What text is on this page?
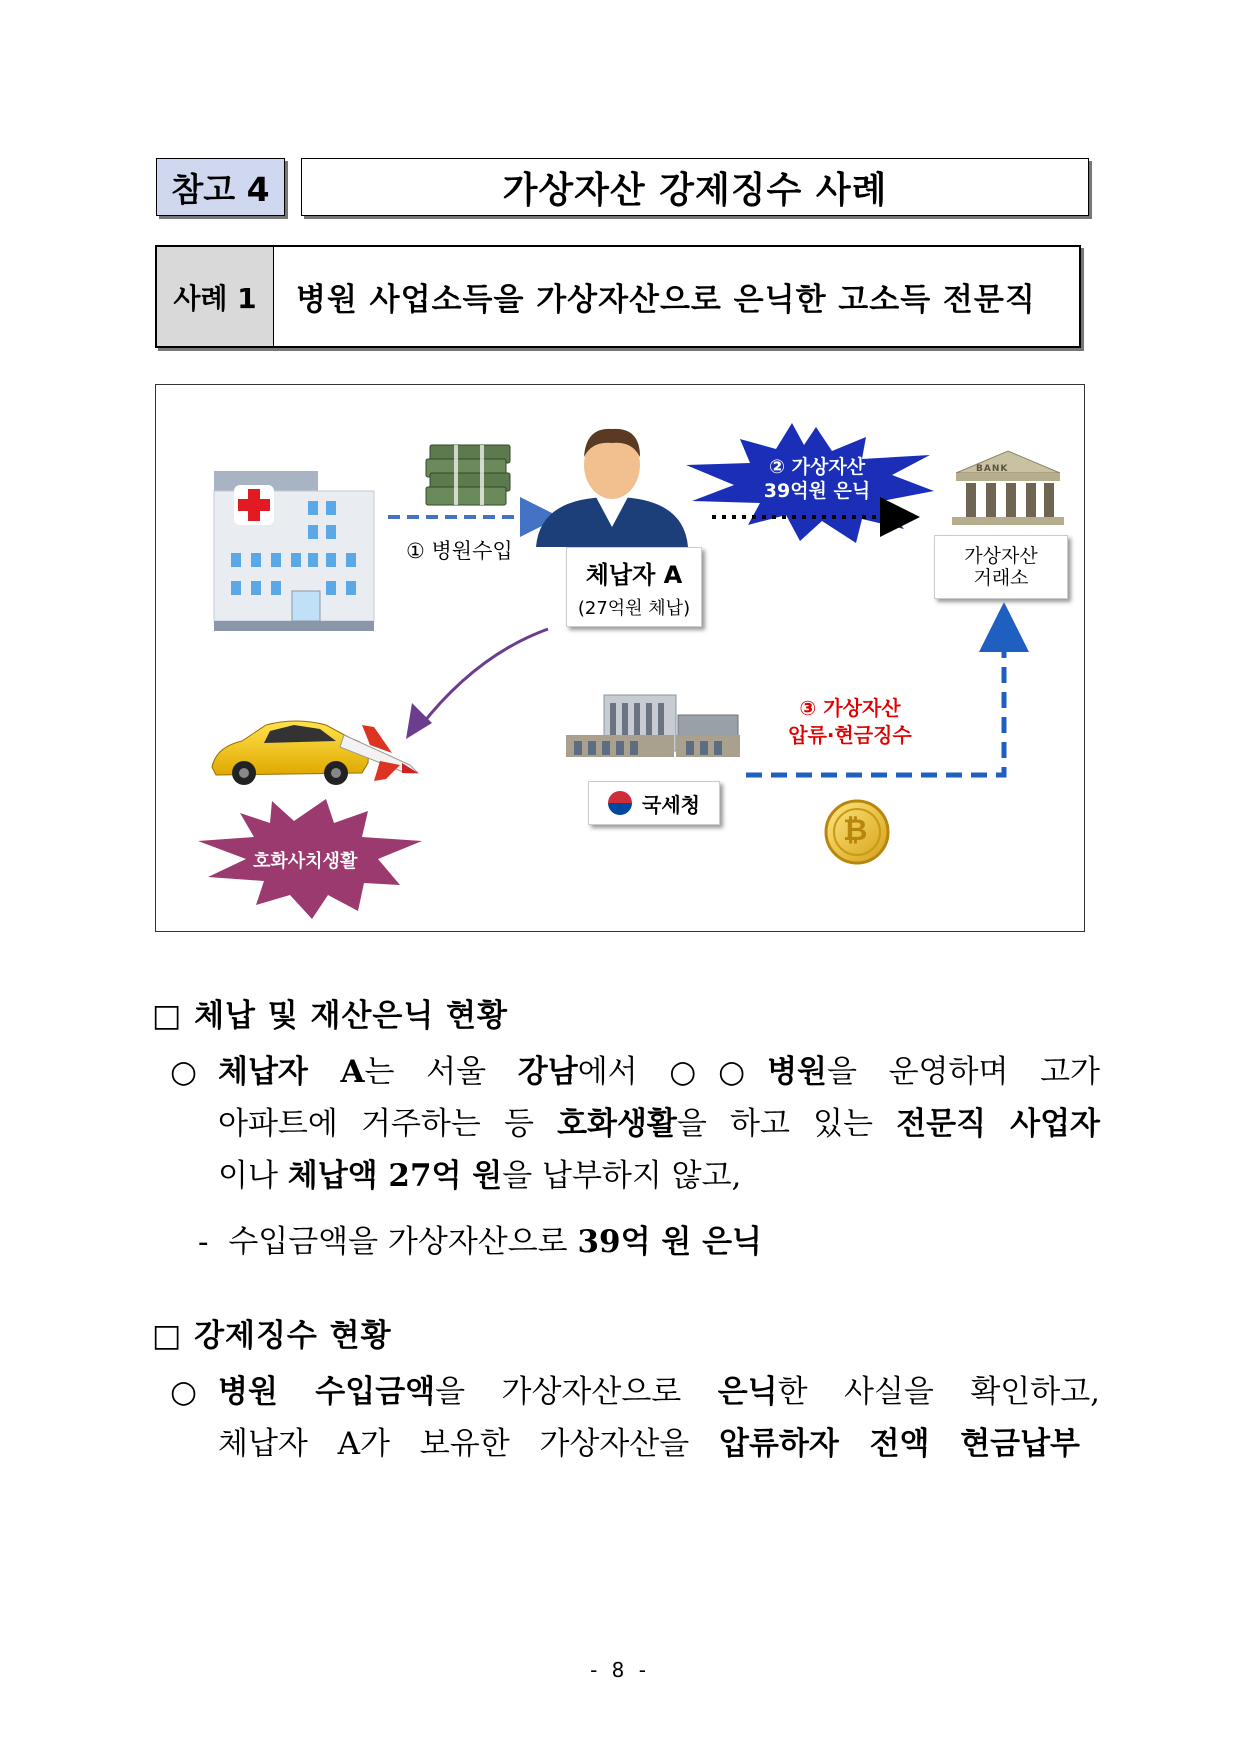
참고 4	가상자산 강제징수 사례
사례 1	병원 사업소득을 가상자산으로 은닉한 고소득 전문직
① 병원수입
체납자 A
(27억원 체납)
② 가상자산
39억원 은닉
BANK
가상자산
거래소
③ 가상자산
압류·현금징수
국세청
₿
호화사치생활
□ 체납 및 재산은닉 현황
○ 체납자 A는 서울 강남에서 ○○병원을 운영하며 고가
아파트에 거주하는 등 호화생활을 하고 있는 전문직 사업자
이나 체납액 27억 원을 납부하지 않고,
- 수입금액을 가상자산으로 39억 원 은닉
□ 강제징수 현황
○ 병원 수입금액을 가상자산으로 은닉한 사실을 확인하고,
체납자 A가 보유한 가상자산을 압류하자 전액 현금납부
- 8 -
